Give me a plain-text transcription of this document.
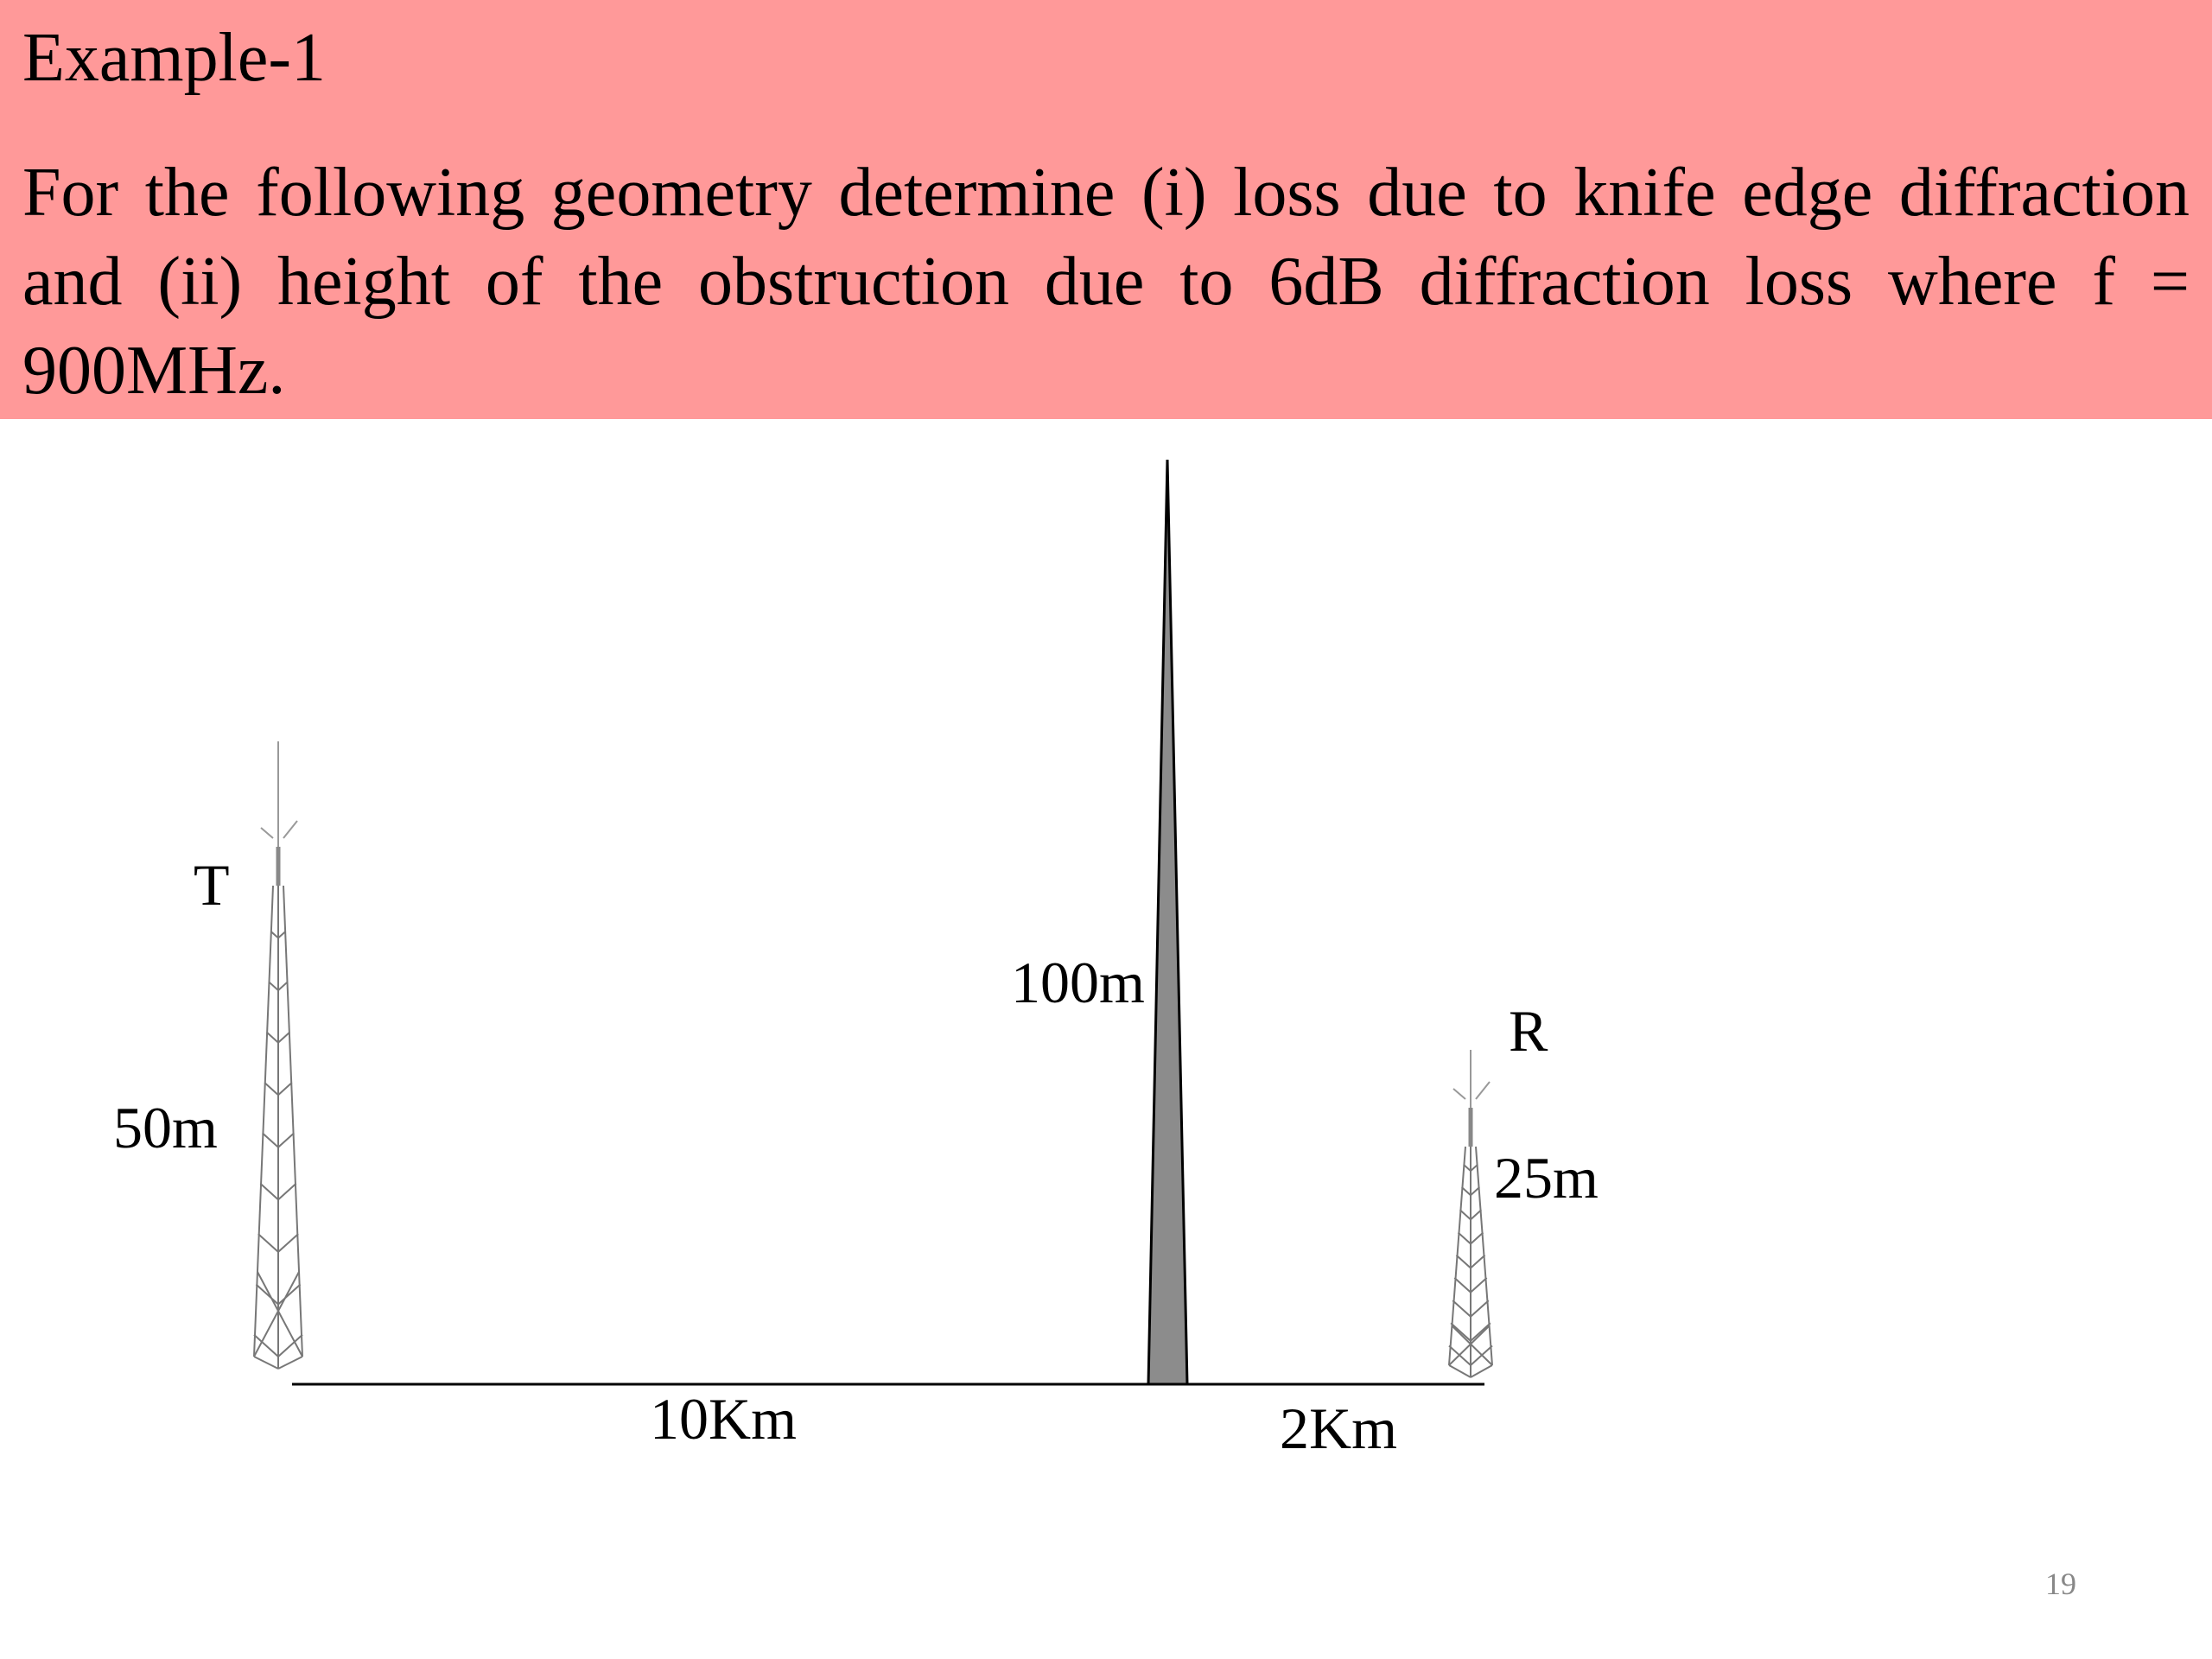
Example-1
For the following geometry determine (i) loss due to knife edge diffraction and (ii) height of the obstruction due to 6dB diffraction loss where f = 900MHz.
T
50m
100m
R
25m
10Km	2Km
19
